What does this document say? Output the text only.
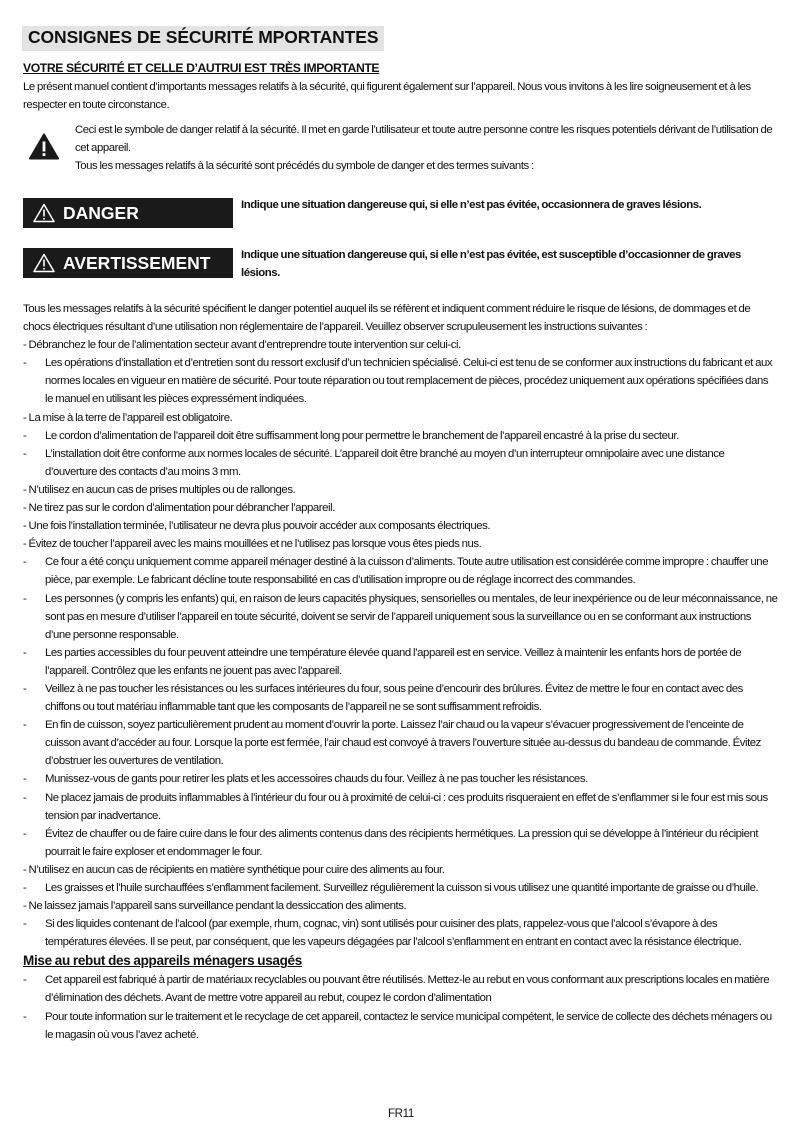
CONSIGNES DE SÉCURITÉ MPORTANTES
VOTRE SÉCURITÉ ET CELLE D’AUTRUI EST TRÈS IMPORTANTE
Le présent manuel contient d’importants messages relatifs à la sécurité, qui figurent également sur l’appareil. Nous vous invitons à les lire soigneusement et à les respecter en toute circonstance.
Ceci est le symbole de danger relatif à la sécurité. Il met en garde l’utilisateur et toute autre personne contre les risques potentiels dérivant de l’utilisation de cet appareil.
Tous les messages relatifs à la sécurité sont précédés du symbole de danger et des termes suivants :
DANGER	Indique une situation dangereuse qui, si elle n’est pas évitée, occasionnera de graves lésions.
AVERTISSEMENT	Indique une situation dangereuse qui, si elle n’est pas évitée, est susceptible d’occasionner de graves lésions.

Tous les messages relatifs à la sécurité spécifient le danger potentiel auquel ils se réfèrent et indiquent comment réduire le risque de lésions, de dommages et de chocs électriques résultant d’une utilisation non réglementaire de l’appareil. Veuillez observer scrupuleusement les instructions suivantes :

- Débranchez le four de l’alimentation secteur avant d’entreprendre toute intervention sur celui-ci.

- Les opérations d’installation et d’entretien sont du ressort exclusif d’un technicien spécialisé. Celui-ci est tenu de se conformer aux instructions du fabricant et aux normes locales en vigueur en matière de sécurité. Pour toute réparation ou tout remplacement de pièces, procédez uniquement aux opérations spécifiées dans le manuel en utilisant les pièces expressément indiquées.

- La mise à la terre de l’appareil est obligatoire.

- Le cordon d’alimentation de l’appareil doit être suffisamment long pour permettre le branchement de l’appareil encastré à la prise du secteur.
- L’installation doit être conforme aux normes locales de sécurité. L’appareil doit être branché au moyen d’un interrupteur omnipolaire avec une distance d’ouverture des contacts d’au moins 3 mm.

- N’utilisez en aucun cas de prises multiples ou de rallonges.

- Ne tirez pas sur le cordon d’alimentation pour débrancher l’appareil.

- Une fois l’installation terminée, l’utilisateur ne devra plus pouvoir accéder aux composants électriques.

- Évitez de toucher l’appareil avec les mains mouillées et ne l’utilisez pas lorsque vous êtes pieds nus.

- Ce four a été conçu uniquement comme appareil ménager destiné à la cuisson d’aliments. Toute autre utilisation est considérée comme impropre : chauffer une pièce, par exemple. Le fabricant décline toute responsabilité en cas d’utilisation impropre ou de réglage incorrect des commandes.
- Les personnes (y compris les enfants) qui, en raison de leurs capacités physiques, sensorielles ou mentales, de leur inexpérience ou de leur méconnaissance, ne sont pas en mesure d’utiliser l’appareil en toute sécurité, doivent se servir de l’appareil uniquement sous la surveillance ou en se conformant aux instructions d’une personne responsable.
- Les parties accessibles du four peuvent atteindre une température élevée quand l’appareil est en service. Veillez à maintenir les enfants hors de portée de l’appareil. Contrôlez que les enfants ne jouent pas avec l’appareil.
- Veillez à ne pas toucher les résistances ou les surfaces intérieures du four, sous peine d’encourir des brûlures. Évitez de mettre le four en contact avec des chiffons ou tout matériau inflammable tant que les composants de l’appareil ne se sont suffisamment refroidis.
- En fin de cuisson, soyez particulièrement prudent au moment d’ouvrir la porte. Laissez l’air chaud ou la vapeur s’évacuer progressivement de l’enceinte de cuisson avant d’accéder au four. Lorsque la porte est fermée, l’air chaud est convoyé à travers l’ouverture située au-dessus du bandeau de commande. Évitez d’obstruer les ouvertures de ventilation.
- Munissez-vous de gants pour retirer les plats et les accessoires chauds du four. Veillez à ne pas toucher les résistances.
- Ne placez jamais de produits inflammables à l’intérieur du four ou à proximité de celui-ci : ces produits risqueraient en effet de s’enflammer si le four est mis sous tension par inadvertance.
- Évitez de chauffer ou de faire cuire dans le four des aliments contenus dans des récipients hermétiques. La pression qui se développe à l’intérieur du récipient pourrait le faire exploser et endommager le four.

- N’utilisez en aucun cas de récipients en matière synthétique pour cuire des aliments au four.

- Les graisses et l’huile surchauffées s’enflamment facilement. Surveillez régulièrement la cuisson si vous utilisez une quantité importante de graisse ou d’huile.

- Ne laissez jamais l’appareil sans surveillance pendant la dessiccation des aliments.

- Si des liquides contenant de l’alcool (par exemple, rhum, cognac, vin) sont utilisés pour cuisiner des plats, rappelez-vous que l’alcool s’évapore à des températures élevées. Il se peut, par conséquent, que les vapeurs dégagées par l’alcool s’enflamment en entrant en contact avec la résistance électrique.

Mise au rebut des appareils ménagers usagés

- Cet appareil est fabriqué à partir de matériaux recyclables ou pouvant être réutilisés. Mettez-le au rebut en vous conformant aux prescriptions locales en matière d’élimination des déchets. Avant de mettre votre appareil au rebut, coupez le cordon d’alimentation
- Pour toute information sur le traitement et le recyclage de cet appareil, contactez le service municipal compétent, le service de collecte des déchets ménagers ou le magasin où vous l’avez acheté.
FR11
